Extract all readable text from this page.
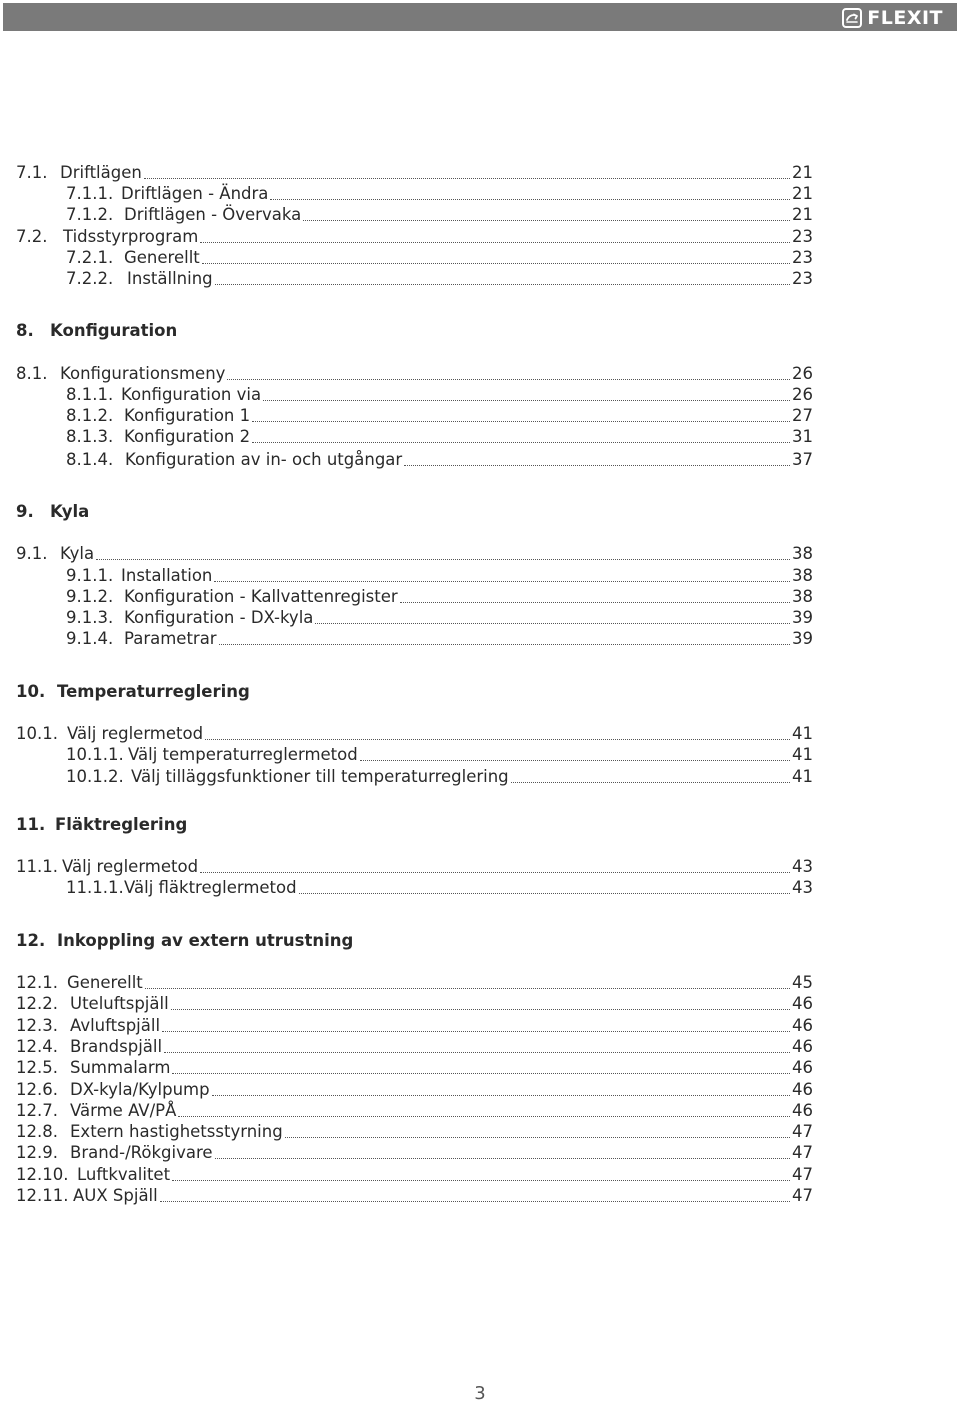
FLEXIT
7.1. Driftlägen	21
7.1.1. Driftlägen - Ändra	21
7.1.2. Driftlägen - Övervaka	21
7.2. Tidsstyrprogram	23
7.2.1. Generellt	23
7.2.2. Inställning	23
8. Konfiguration
8.1. Konfigurationsmeny	26
8.1.1. Konfiguration via	26
8.1.2. Konfiguration 1	27
8.1.3. Konfiguration 2	31
8.1.4. Konfiguration av in- och utgångar	37
9. Kyla
9.1. Kyla	38
9.1.1. Installation	38
9.1.2. Konfiguration - Kallvattenregister	38
9.1.3. Konfiguration - DX-kyla	39
9.1.4. Parametrar	39
10. Temperaturreglering
10.1. Välj reglermetod	41
10.1.1. Välj temperaturreglermetod	41
10.1.2. Välj tilläggsfunktioner till temperaturreglering	41
11. Fläktreglering
11.1. Välj reglermetod	43
11.1.1. Välj fläktreglermetod	43
12. Inkoppling av extern utrustning
12.1. Generellt	45
12.2. Uteluftspjäll	46
12.3. Avluftspjäll	46
12.4. Brandspjäll	46
12.5. Summalarm	46
12.6. DX-kyla/Kylpump	46
12.7. Värme AV/PÅ	46
12.8. Extern hastighetsstyrning	47
12.9. Brand-/Rökgivare	47
12.10. Luftkvalitet	47
12.11. AUX Spjäll	47
3
